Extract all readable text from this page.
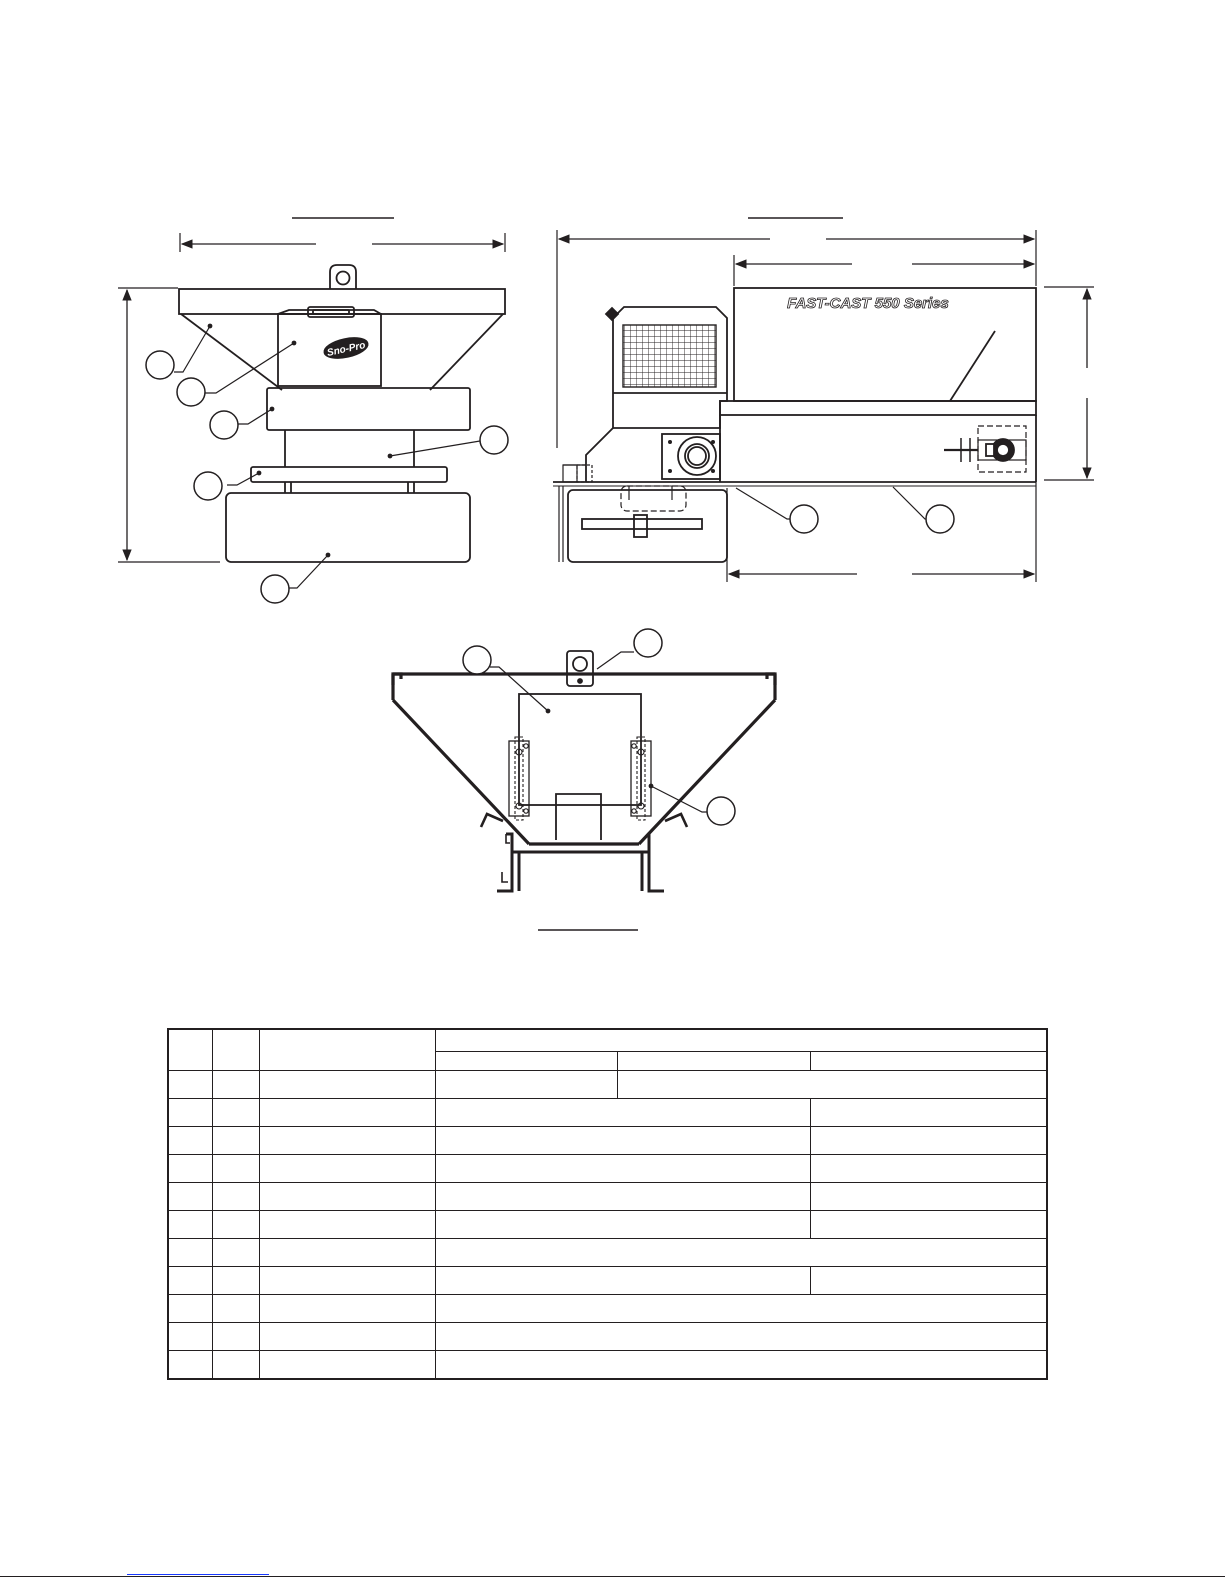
Sno-Pro
FAST-CAST 550 Series
